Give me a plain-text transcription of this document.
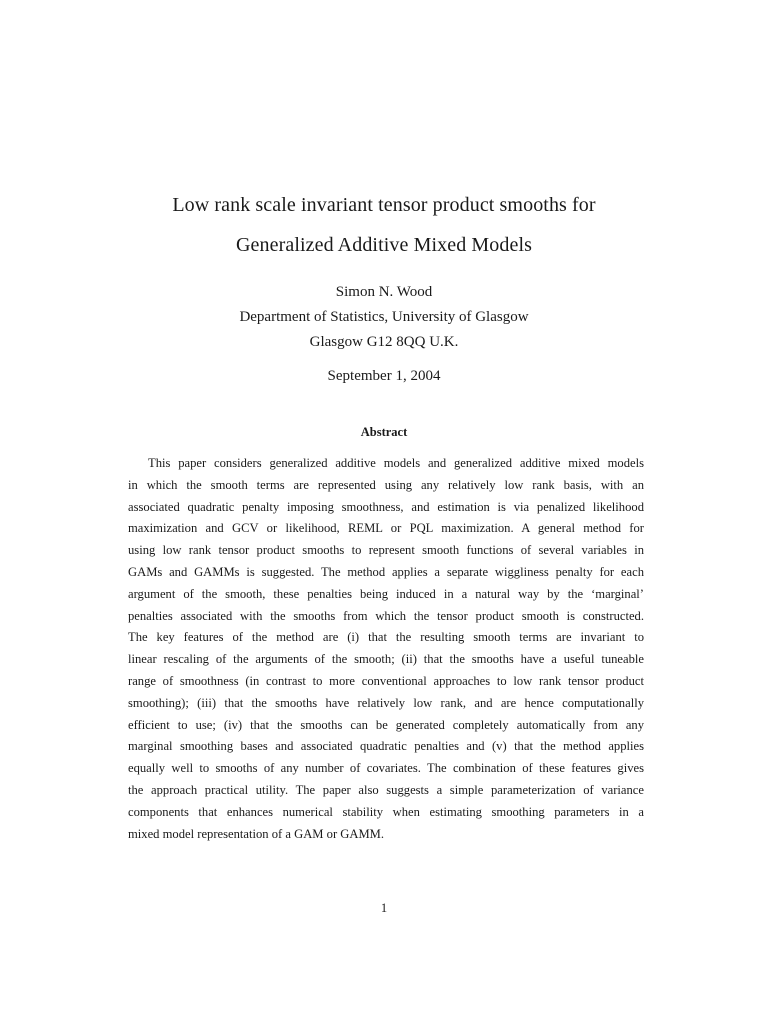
Low rank scale invariant tensor product smooths for
Generalized Additive Mixed Models
Simon N. Wood
Department of Statistics, University of Glasgow
Glasgow G12 8QQ U.K.
September 1, 2004
Abstract
This paper considers generalized additive models and generalized additive mixed models
in which the smooth terms are represented using any relatively low rank basis, with an
associated quadratic penalty imposing smoothness, and estimation is via penalized likelihood
maximization and GCV or likelihood, REML or PQL maximization. A general method for
using low rank tensor product smooths to represent smooth functions of several variables in
GAMs and GAMMs is suggested. The method applies a separate wiggliness penalty for each
argument of the smooth, these penalties being induced in a natural way by the ‘marginal’
penalties associated with the smooths from which the tensor product smooth is constructed.
The key features of the method are (i) that the resulting smooth terms are invariant to
linear rescaling of the arguments of the smooth; (ii) that the smooths have a useful tuneable
range of smoothness (in contrast to more conventional approaches to low rank tensor product
smoothing); (iii) that the smooths have relatively low rank, and are hence computationally
efficient to use; (iv) that the smooths can be generated completely automatically from any
marginal smoothing bases and associated quadratic penalties and (v) that the method applies
equally well to smooths of any number of covariates. The combination of these features gives
the approach practical utility. The paper also suggests a simple parameterization of variance
components that enhances numerical stability when estimating smoothing parameters in a
mixed model representation of a GAM or GAMM.
1
